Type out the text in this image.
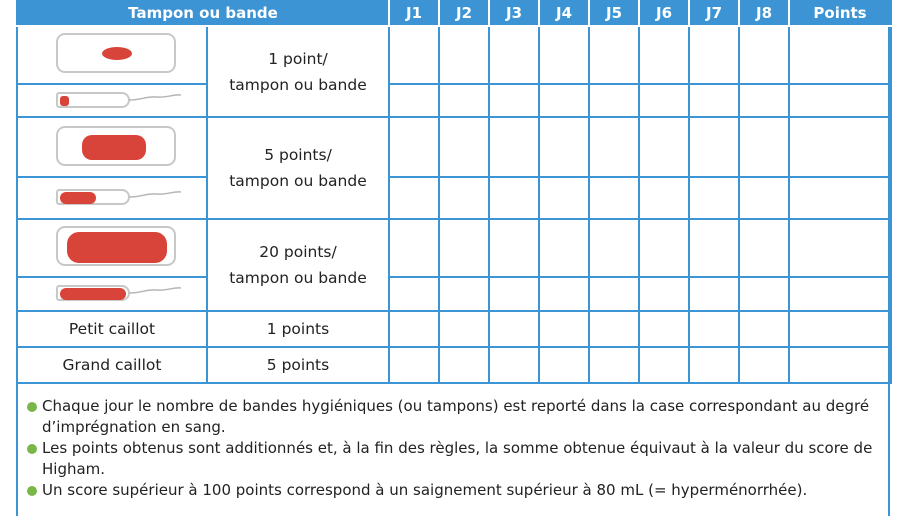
Tampon ou bande		J1	J2	J3	J4	J5	J6	J7	J8	Points

	1 point/
tampon ou bande									

	5 points/
tampon ou bande									

	20 points/
tampon ou bande									

Petit caillot	1 points									
Grand caillot	5 points									

Chaque jour le nombre de bandes hygiéniques (ou tampons) est reporté dans la case correspondant au degré d’imprégnation en sang.

Les points obtenus sont additionnés et, à la fin des règles, la somme obtenue équivaut à la valeur du score de Higham.

Un score supérieur à 100 points correspond à un saignement supérieur à 80 mL (= hyperménorrhée).
